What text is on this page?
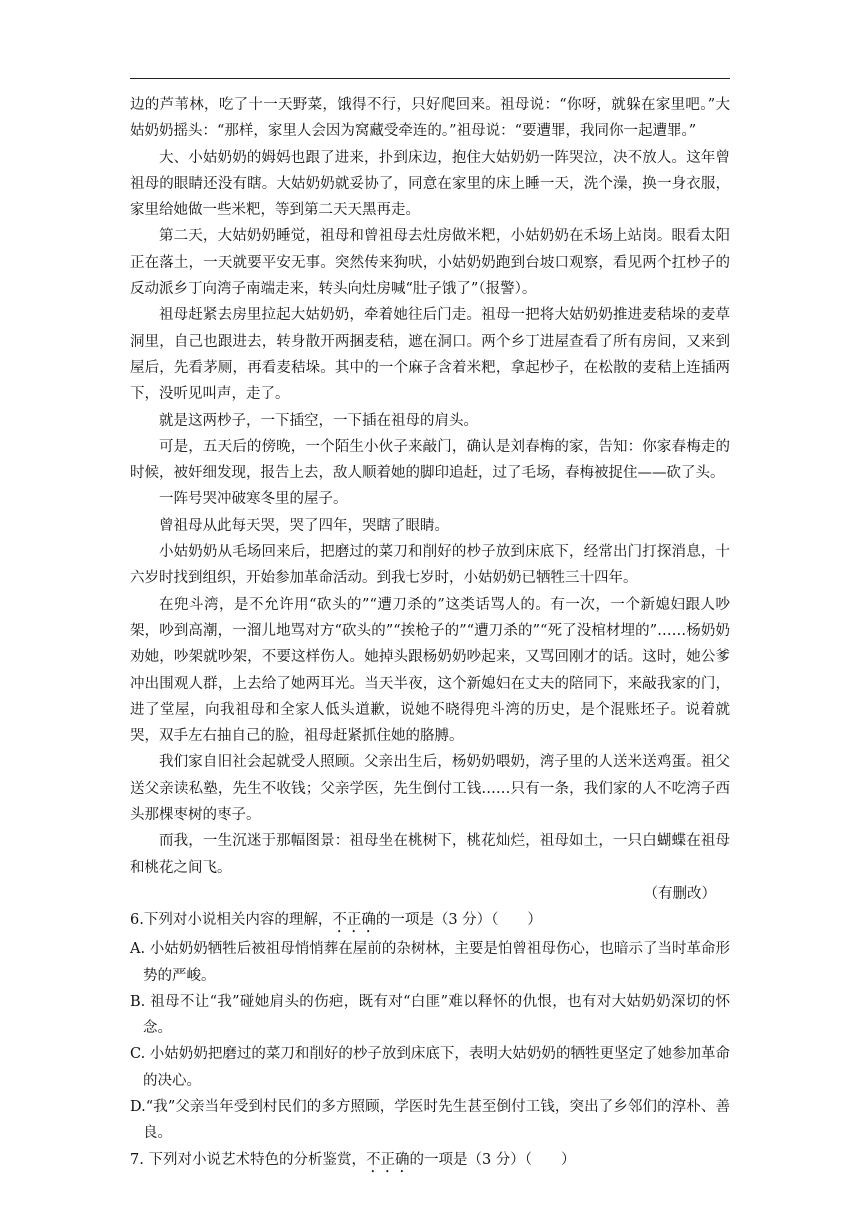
边的芦苇林，吃了十一天野菜，饿得不行，只好爬回来。祖母说：“你呀，就躲在家里吧。”大姑奶奶摇头：“那样，家里人会因为窝藏受牵连的。”祖母说：“要遭罪，我同你一起遭罪。”

大、小姑奶奶的姆妈也跟了进来，扑到床边，抱住大姑奶奶一阵哭泣，决不放人。这年曾祖母的眼睛还没有瞎。大姑奶奶就妥协了，同意在家里的床上睡一天，洗个澡，换一身衣服，家里给她做一些米粑，等到第二天天黑再走。

第二天，大姑奶奶睡觉，祖母和曾祖母去灶房做米粑，小姑奶奶在禾场上站岗。眼看太阳正在落土，一天就要平安无事。突然传来狗吠，小姑奶奶跑到台坡口观察，看见两个扛杪子的反动派乡丁向湾子南端走来，转头向灶房喊“肚子饿了”（报警）。

祖母赶紧去房里拉起大姑奶奶，牵着她往后门走。祖母一把将大姑奶奶推进麦秸垛的麦草洞里，自己也跟进去，转身散开两捆麦秸，遮在洞口。两个乡丁进屋查看了所有房间，又来到屋后，先看茅厕，再看麦秸垛。其中的一个麻子含着米粑，拿起杪子，在松散的麦秸上连插两下，没听见叫声，走了。

就是这两杪子，一下插空，一下插在祖母的肩头。

可是，五天后的傍晚，一个陌生小伙子来敲门，确认是刘春梅的家，告知：你家春梅走的时候，被奸细发现，报告上去，敌人顺着她的脚印追赶，过了毛场，春梅被捉住——砍了头。

一阵号哭冲破寒冬里的屋子。

曾祖母从此每天哭，哭了四年，哭瞎了眼睛。

小姑奶奶从毛场回来后，把磨过的菜刀和削好的杪子放到床底下，经常出门打探消息，十六岁时找到组织，开始参加革命活动。到我七岁时，小姑奶奶已牺牲三十四年。

在兜斗湾，是不允许用“砍头的”“遭刀杀的”这类话骂人的。有一次，一个新媳妇跟人吵架，吵到高潮，一溜儿地骂对方“砍头的”“挨枪子的”“遭刀杀的”“死了没棺材埋的”……杨奶奶劝她，吵架就吵架，不要这样伤人。她掉头跟杨奶奶吵起来，又骂回刚才的话。这时，她公爹冲出围观人群，上去给了她两耳光。当天半夜，这个新媳妇在丈夫的陪同下，来敲我家的门，进了堂屋，向我祖母和全家人低头道歉，说她不晓得兜斗湾的历史，是个混账坯子。说着就哭，双手左右抽自己的脸，祖母赶紧抓住她的胳膊。

我们家自旧社会起就受人照顾。父亲出生后，杨奶奶喂奶，湾子里的人送米送鸡蛋。祖父送父亲读私塾，先生不收钱；父亲学医，先生倒付工钱……只有一条，我们家的人不吃湾子西头那棵枣树的枣子。

而我，一生沉迷于那幅图景：祖母坐在桃树下，桃花灿烂，祖母如土，一只白蝴蝶在祖母和桃花之间飞。

（有删改）

6.下列对小说相关内容的理解，不正确的一项是（3 分）（　　）

A. 小姑奶奶牺牲后被祖母悄悄葬在屋前的杂树林，主要是怕曾祖母伤心，也暗示了当时革命形势的严峻。

B. 祖母不让“我”碰她肩头的伤疤，既有对“白匪”难以释怀的仇恨，也有对大姑奶奶深切的怀念。

C. 小姑奶奶把磨过的菜刀和削好的杪子放到床底下，表明大姑奶奶的牺牲更坚定了她参加革命的决心。

D.“我”父亲当年受到村民们的多方照顾，学医时先生甚至倒付工钱，突出了乡邻们的淳朴、善良。

7. 下列对小说艺术特色的分析鉴赏，不正确的一项是（3 分）（　　）
